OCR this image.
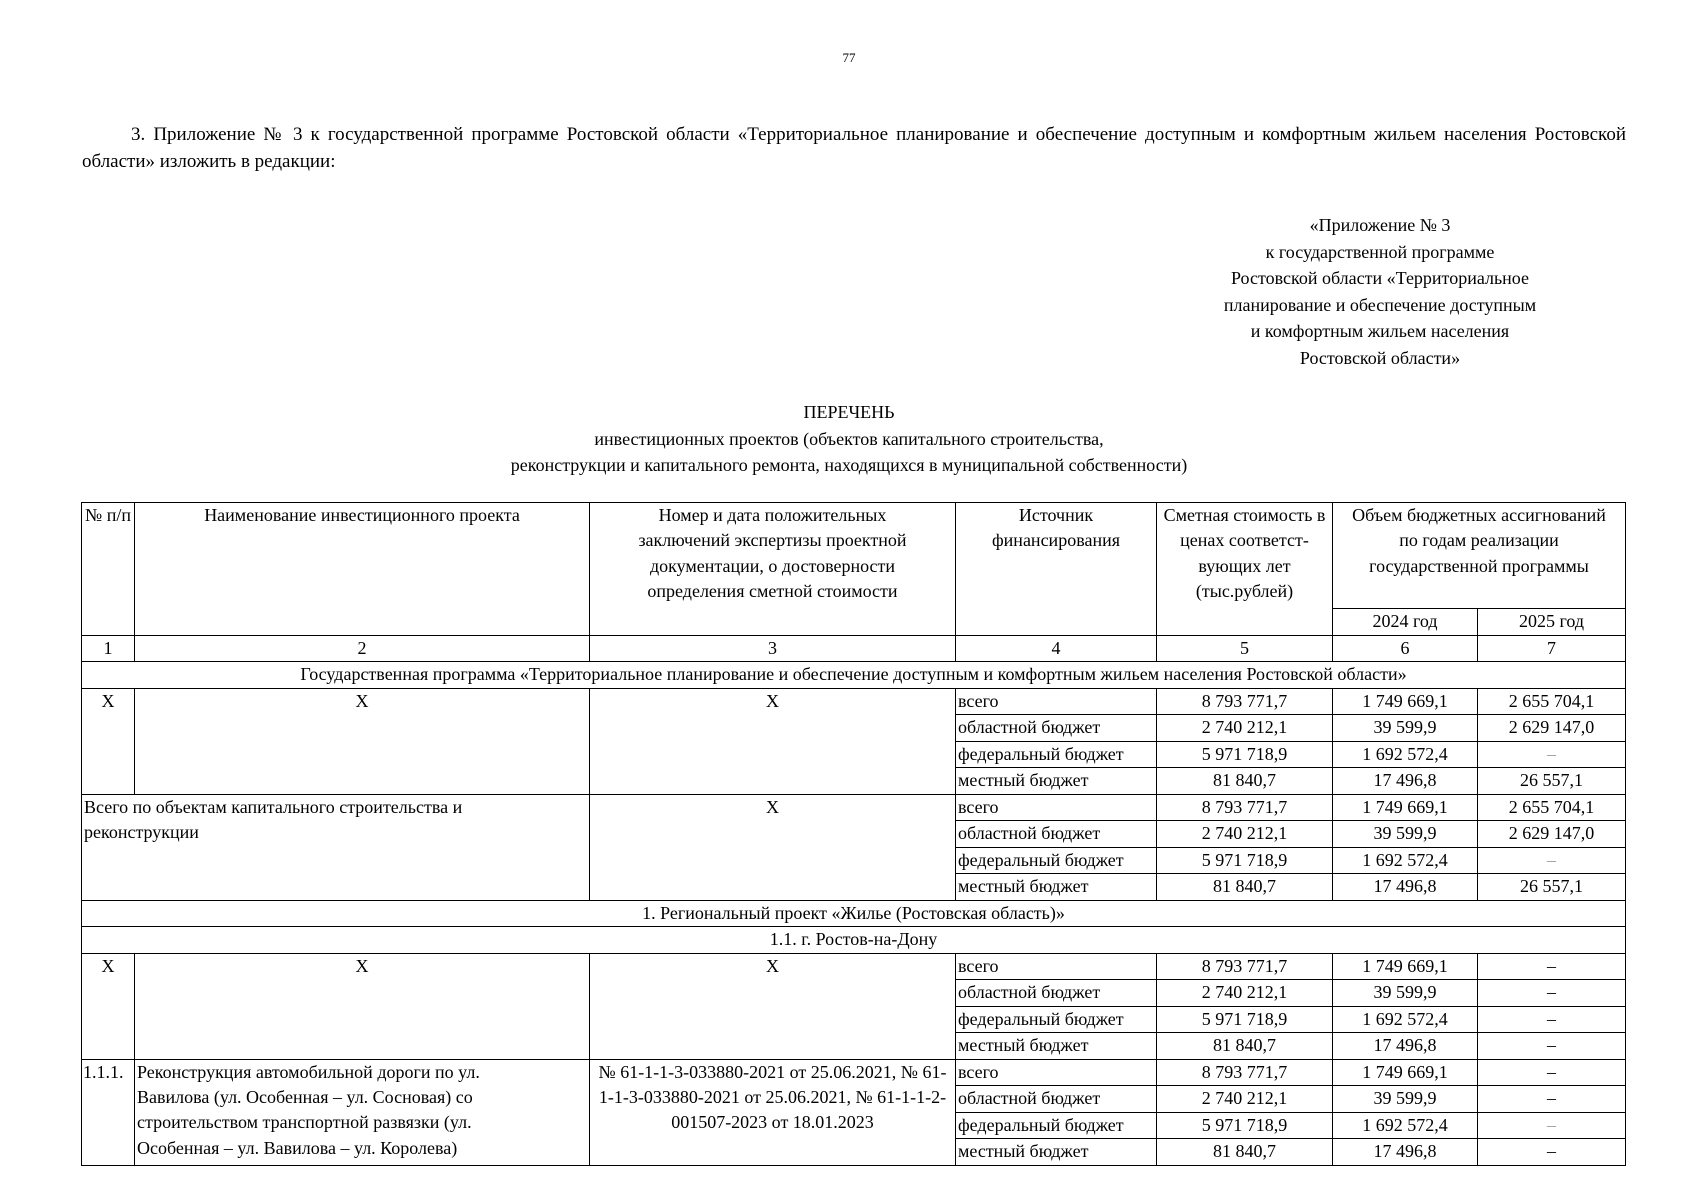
77
3. Приложение № 3 к государственной программе Ростовской области «Территориальное планирование и обеспечение доступным и комфортным жильем населения Ростовской области» изложить в редакции:
«Приложение № 3
к государственной программе
Ростовской области «Территориальное
планирование и обеспечение доступным
и комфортным жильем населения
Ростовской области»
ПЕРЕЧЕНЬ
инвестиционных проектов (объектов капитального строительства,
реконструкции и капитального ремонта, находящихся в муниципальной собственности)
№ п/п	Наименование инвестиционного проекта	Номер и дата положительных заключений экспертизы проектной документации, о достоверности определения сметной стоимости	Источник финансирования	Сметная стоимость в ценах соответст-вующих лет (тыс.рублей)	Объем бюджетных ассигнований по годам реализации государственной программы	
					2024 год	2025 год
1	2	3	4	5	6	7
Государственная программа «Территориальное планирование и обеспечение доступным и комфортным жильем населения Ростовской области»						
Х	Х	Х	всего	8 793 771,7	1 749 669,1	2 655 704,1
			областной бюджет	2 740 212,1	39 599,9	2 629 147,0
			федеральный бюджет	5 971 718,9	1 692 572,4	–
			местный бюджет	81 840,7	17 496,8	26 557,1
Всего по объектам капитального строительства и реконструкции		Х	всего	8 793 771,7	1 749 669,1	2 655 704,1
			областной бюджет	2 740 212,1	39 599,9	2 629 147,0
			федеральный бюджет	5 971 718,9	1 692 572,4	–
			местный бюджет	81 840,7	17 496,8	26 557,1
1. Региональный проект «Жилье (Ростовская область)»						
1.1. г. Ростов-на-Дону						
Х	Х	Х	всего	8 793 771,7	1 749 669,1	–
			областной бюджет	2 740 212,1	39 599,9	–
			федеральный бюджет	5 971 718,9	1 692 572,4	–
			местный бюджет	81 840,7	17 496,8	–
1.1.1.	Реконструкция автомобильной дороги по ул. Вавилова (ул. Особенная – ул. Сосновая) со строительством транспортной развязки (ул. Особенная – ул. Вавилова – ул. Королева)	№ 61-1-1-3-033880-2021 от 25.06.2021, № 61-1-1-3-033880-2021 от 25.06.2021, № 61-1-1-2-001507-2023 от 18.01.2023	всего	8 793 771,7	1 749 669,1	–
			областной бюджет	2 740 212,1	39 599,9	–
			федеральный бюджет	5 971 718,9	1 692 572,4	–
			местный бюджет	81 840,7	17 496,8	–
